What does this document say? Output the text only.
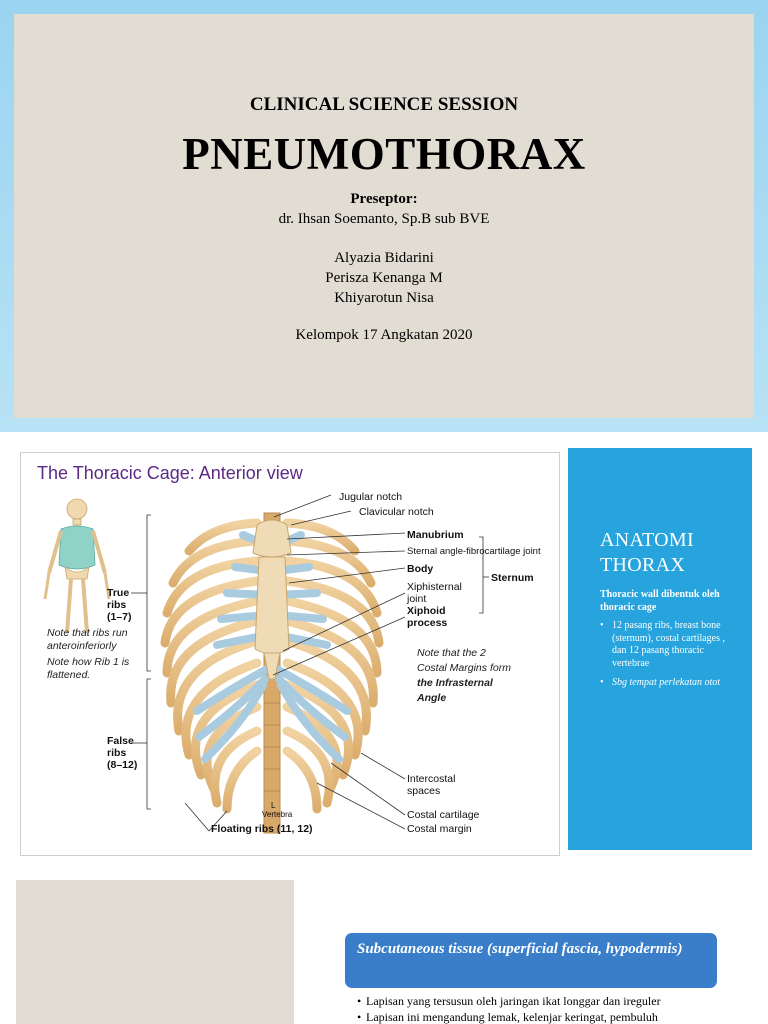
CLINICAL SCIENCE SESSION
PNEUMOTHORAX
Preseptor:
dr. Ihsan Soemanto, Sp.B sub BVE
Alyazia Bidarini
Perisza Kenanga M
Khiyarotun Nisa
Kelompok 17 Angkatan 2020
The Thoracic Cage: Anterior view
Jugular notch
Clavicular notch
Manubrium
Sternal angle-fibrocartilage joint
Body
Sternum
Xiphisternal
joint
Xiphoid
process
True
ribs
(1–7)
False
ribs
(8–12)
Intercostal
spaces
Costal cartilage
Costal margin
Floating ribs (11, 12)
L
Vertebra
Note that ribs run
anteroinferiorly
Note how Rib 1 is
flattened.
Note that the 2
Costal Margins form
the Infrasternal
Angle
ANATOMI
THORAX
Thoracic wall dibentuk oleh thoracic cage
• 12 pasang ribs, breast bone (sternum), costal cartilages , dan 12 pasang thoracic vertebrae
• Sbg tempat perlekatan otot
Subcutaneous tissue (superficial fascia, hypodermis)
• Lapisan yang tersusun oleh jaringan ikat longgar dan ireguler
• Lapisan ini mengandung lemak, kelenjar keringat, pembuluh
